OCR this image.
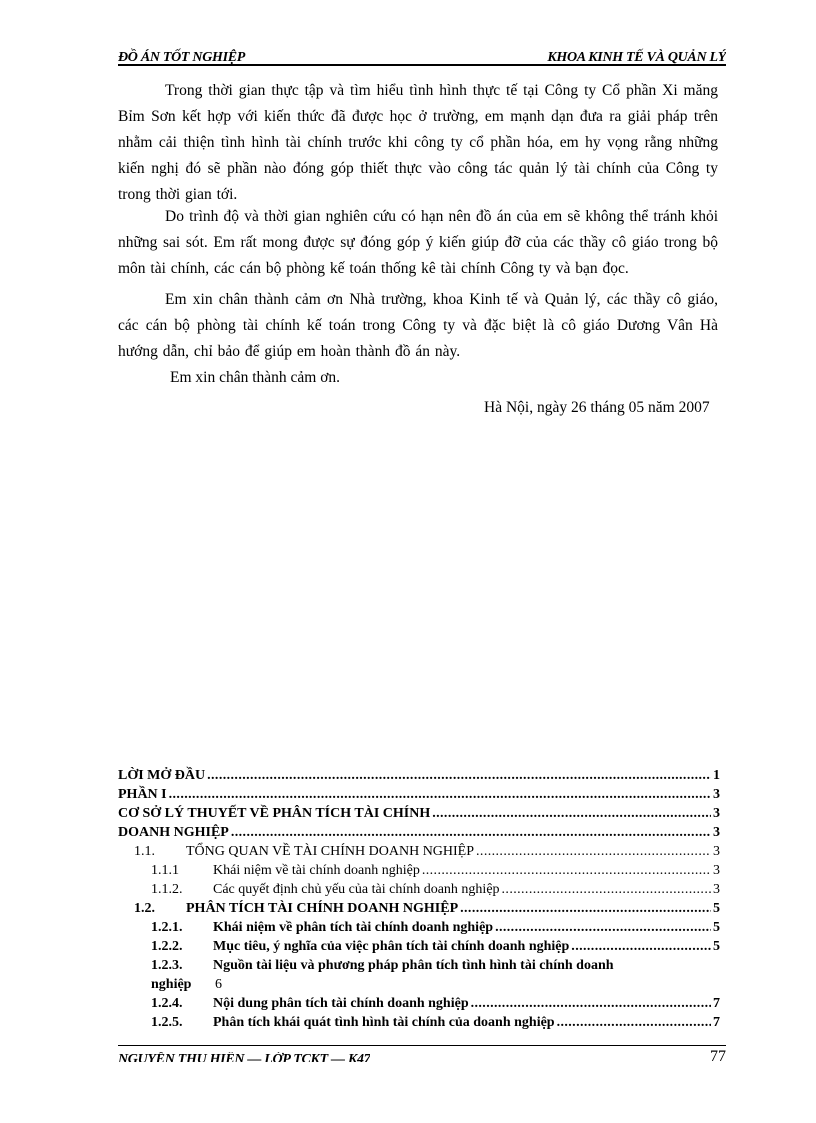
ĐỒ ÁN TỐT NGHIỆP	KHOA KINH TẾ VÀ QUẢN LÝ

Trong thời gian thực tập và tìm hiểu tình hình thực tế tại Công ty Cổ phần Xi măng Bỉm Sơn kết hợp với kiến thức đã được học ở trường, em mạnh dạn đưa ra giải pháp trên nhằm cải thiện tình hình tài chính trước khi công ty cổ phần hóa, em hy vọng rằng những kiến nghị đó sẽ phần nào đóng góp thiết thực vào công tác quản lý tài chính của Công ty trong thời gian tới.

Do trình độ và thời gian nghiên cứu có hạn nên đồ án của em sẽ không thể tránh khỏi những sai sót. Em rất mong được sự đóng góp ý kiến giúp đỡ của các thầy cô giáo trong bộ môn tài chính, các cán bộ phòng kế toán thống kê tài chính Công ty và bạn đọc.

Em xin chân thành cảm ơn Nhà trường, khoa Kinh tế và Quản lý, các thầy cô giáo, các cán bộ phòng tài chính kế toán trong Công ty và đặc biệt là cô giáo Dương Vân Hà hướng dẫn, chỉ bảo để giúp em hoàn thành đồ án này.

Em xin chân thành cảm ơn.

Hà Nội, ngày 26 tháng 05 năm 2007

LỜI MỞ ĐẦU .....	1
PHẦN I .....	3
CƠ SỞ LÝ THUYẾT VỀ PHÂN TÍCH TÀI CHÍNH .....	3
DOANH NGHIỆP .....	3
1.1.	TỔNG QUAN VỀ TÀI CHÍNH DOANH NGHIỆP .....	3
1.1.1	Khái niệm về tài chính doanh nghiệp .....	3
1.1.2.	Các quyết định chủ yếu của tài chính doanh nghiệp .....	3
1.2.	PHÂN TÍCH TÀI CHÍNH DOANH NGHIỆP .....	5
1.2.1.	Khái niệm về phân tích tài chính doanh nghiệp .....	5
1.2.2.	Mục tiêu, ý nghĩa của việc phân tích tài chính doanh nghiệp .....	5
1.2.3.	Nguồn tài liệu và phương pháp phân tích tình hình tài chính doanh
nghiệp	6
1.2.4.	Nội dung phân tích tài chính doanh nghiệp .....	7
1.2.5.	Phân tích khái quát tình hình tài chính của doanh nghiệp .....	7
NGUYỄN THU HIỀN — LỚP TCKT — K47	77
